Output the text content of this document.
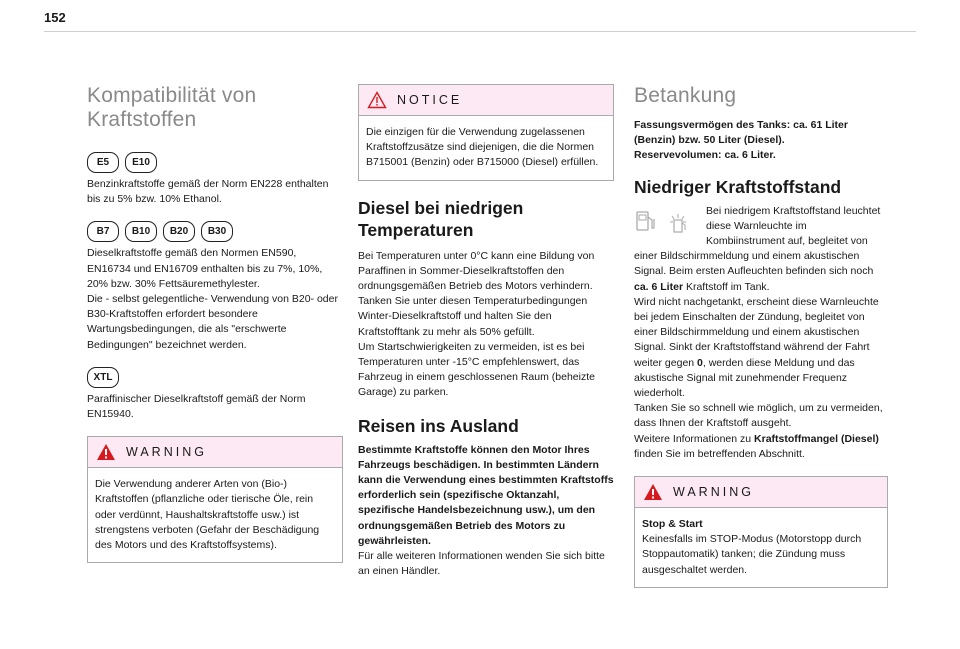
152
Kompatibilität von
Kraftstoffen
E5	E10

Benzinkraftstoffe gemäß der Norm EN228 enthalten bis zu 5% bzw. 10% Ethanol.

B7	B10	B20	B30

Dieselkraftstoffe gemäß den Normen EN590, EN16734 und EN16709 enthalten bis zu 7%, 10%, 20% bzw. 30% Fettsäuremethylester.

Die - selbst gelegentliche- Verwendung von B20- oder B30-Kraftstoffen erfordert besondere Wartungsbedingungen, die als "erschwerte Bedingungen" bezeichnet werden.

XTL

Paraffinischer Dieselkraftstoff gemäß der Norm EN15940.

WARNING

Die Verwendung anderer Arten von (Bio-) Kraftstoffen (pflanzliche oder tierische Öle, rein oder verdünnt, Haushaltskraftstoffe usw.) ist strengstens verboten (Gefahr der Beschädigung des Motors und des Kraftstoffsystems).

NOTICE

Die einzigen für die Verwendung zugelassenen Kraftstoffzusätze sind diejenigen, die die Normen B715001 (Benzin) oder B715000 (Diesel) erfüllen.

Diesel bei niedrigen
Temperaturen

Bei Temperaturen unter 0°C kann eine Bildung von Paraffinen in Sommer-Dieselkraftstoffen den ordnungsgemäßen Betrieb des Motors verhindern. Tanken Sie unter diesen Temperaturbedingungen Winter-Dieselkraftstoff und halten Sie den Kraftstofftank zu mehr als 50% gefüllt.

Um Startschwierigkeiten zu vermeiden, ist es bei Temperaturen unter -15°C empfehlenswert, das Fahrzeug in einem geschlossenen Raum (beheizte Garage) zu parken.

Reisen ins Ausland

Bestimmte Kraftstoffe können den Motor Ihres Fahrzeugs beschädigen. In bestimmten Ländern kann die Verwendung eines bestimmten Kraftstoffs erforderlich sein (spezifische Oktanzahl, spezifische Handelsbezeichnung usw.), um den ordnungsgemäßen Betrieb des Motors zu gewährleisten.

Für alle weiteren Informationen wenden Sie sich bitte an einen Händler.

Betankung

Fassungsvermögen des Tanks: ca. 61 Liter (Benzin) bzw. 50 Liter (Diesel).

Reservevolumen: ca. 6 Liter.

Niedriger Kraftstoffstand

Bei niedrigem Kraftstoffstand leuchtet diese Warnleuchte im Kombiinstrument auf, begleitet von einer Bildschirmmeldung und einem akustischen Signal. Beim ersten Aufleuchten befinden sich noch ca. 6 Liter Kraftstoff im Tank.

Wird nicht nachgetankt, erscheint diese Warnleuchte bei jedem Einschalten der Zündung, begleitet von einer Bildschirmmeldung und einem akustischen Signal. Sinkt der Kraftstoffstand während der Fahrt weiter gegen 0, werden diese Meldung und das akustische Signal mit zunehmender Frequenz wiederholt.

Tanken Sie so schnell wie möglich, um zu vermeiden, dass Ihnen der Kraftstoff ausgeht.

Weitere Informationen zu Kraftstoffmangel (Diesel) finden Sie im betreffenden Abschnitt.

WARNING

Stop & Start

Keinesfalls im STOP-Modus (Motorstopp durch Stoppautomatik) tanken; die Zündung muss ausgeschaltet werden.
